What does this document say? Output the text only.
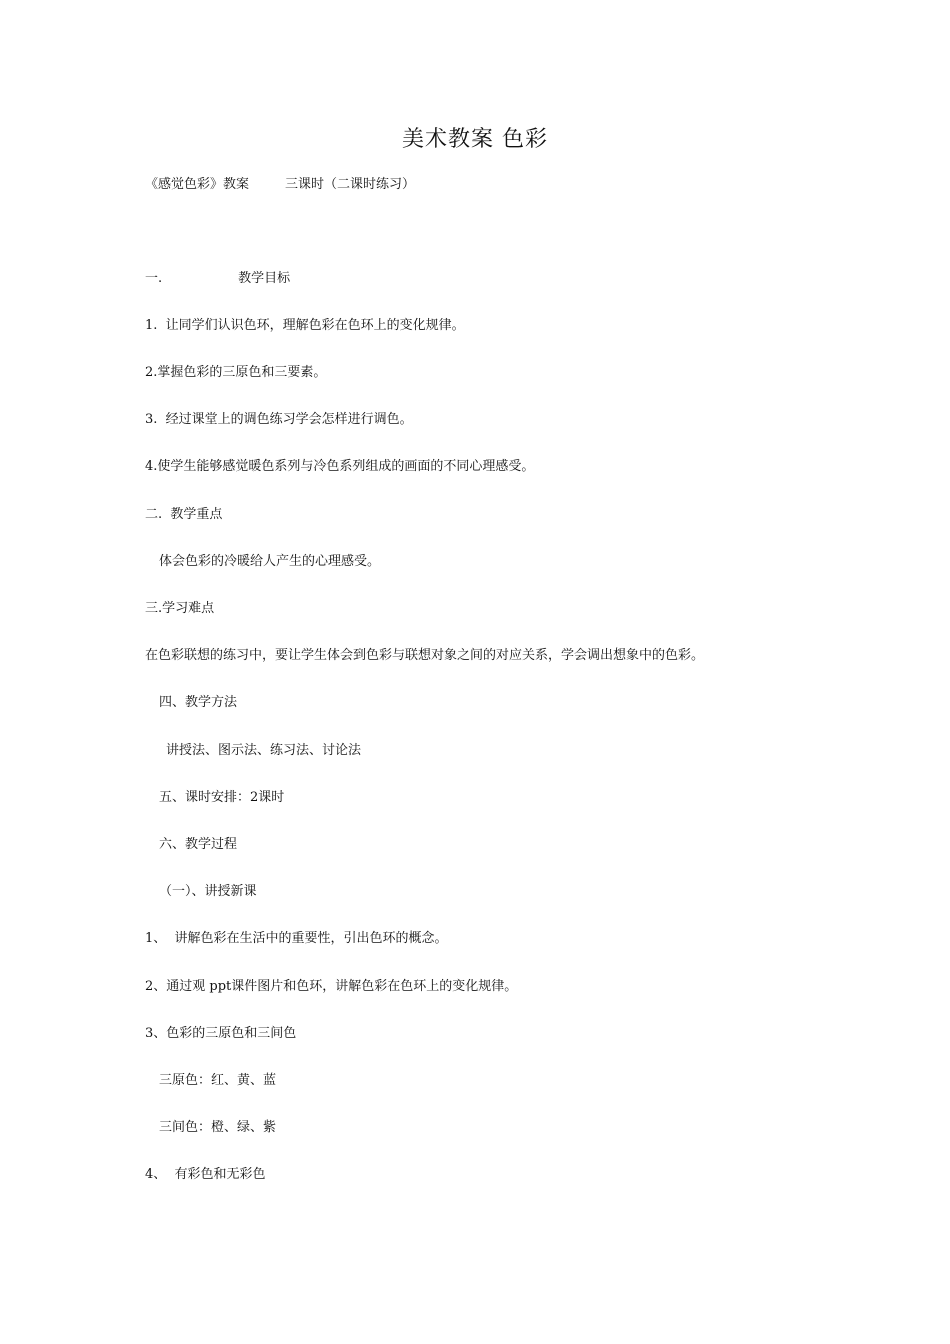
美术教案 色彩
《感觉色彩》教案	三课时（二课时练习）
一.	教学目标
1.  让同学们认识色环，理解色彩在色环上的变化规律。
2.掌握色彩的三原色和三要素。
3.  经过课堂上的调色练习学会怎样进行调色。
4.使学生能够感觉暖色系列与冷色系列组成的画面的不同心理感受。
二.  教学重点
体会色彩的冷暖给人产生的心理感受。
三.学习难点
在色彩联想的练习中，要让学生体会到色彩与联想对象之间的对应关系，学会调出想象中的色彩。
四、教学方法
讲授法、图示法、练习法、讨论法
五、课时安排：2课时
六、教学过程
（一）、讲授新课
1、  讲解色彩在生活中的重要性，引出色环的概念。
2、通过观 ppt课件图片和色环，讲解色彩在色环上的变化规律。
3、色彩的三原色和三间色
三原色：红、黄、蓝
三间色：橙、绿、紫
4、  有彩色和无彩色
